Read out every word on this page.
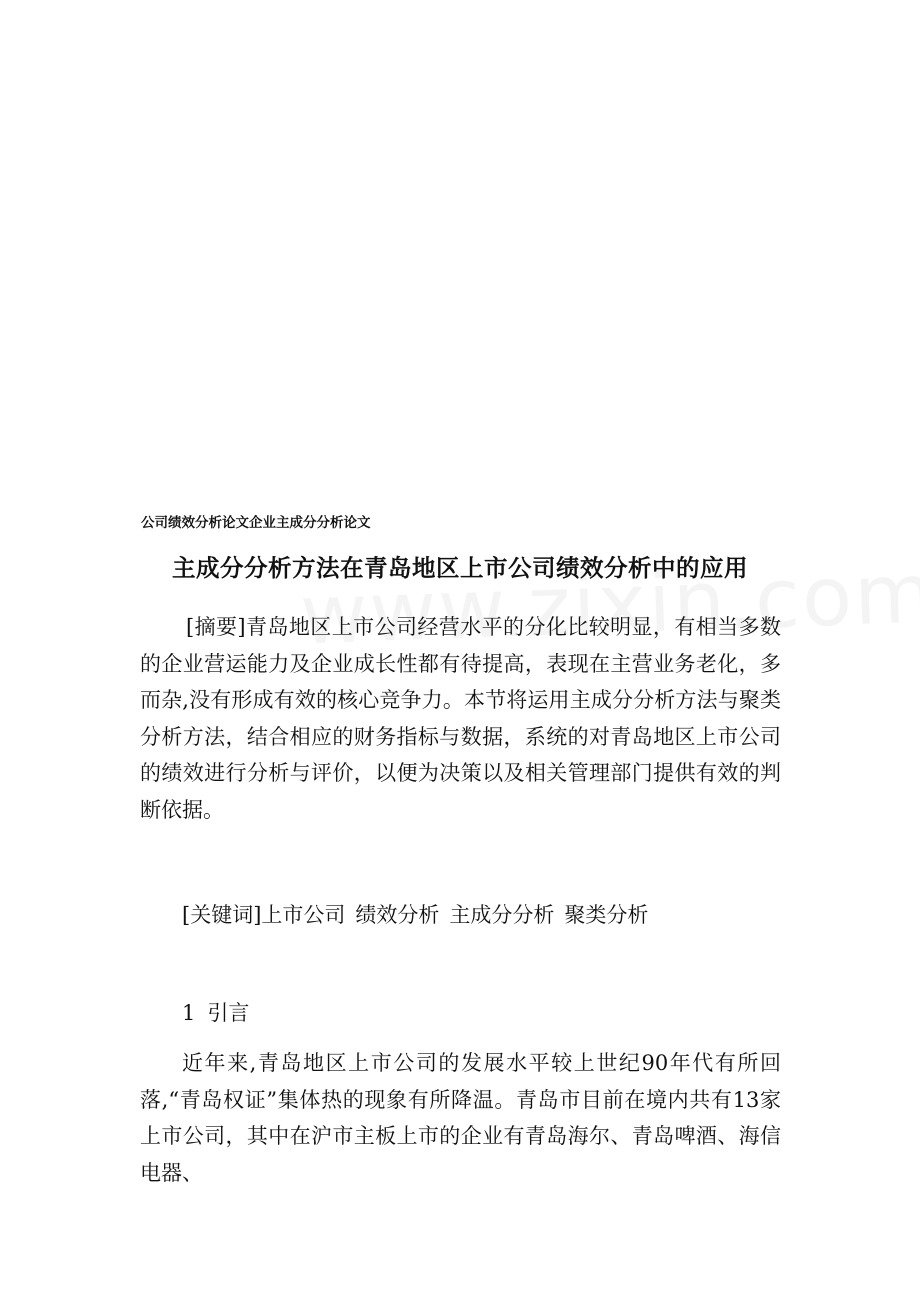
公司绩效分析论文企业主成分分析论文
主成分分析方法在青岛地区上市公司绩效分析中的应用

[摘要]青岛地区上市公司经营水平的分化比较明显，有相当多数的企业营运能力及企业成长性都有待提高，表现在主营业务老化，多而杂,没有形成有效的核心竞争力。本节将运用主成分分析方法与聚类分析方法，结合相应的财务指标与数据，系统的对青岛地区上市公司的绩效进行分析与评价，以便为决策以及相关管理部门提供有效的判断依据。

[关键词]上市公司 绩效分析 主成分分析 聚类分析

1 引言

近年来,青岛地区上市公司的发展水平较上世纪90年代有所回落,“青岛权证”集体热的现象有所降温。青岛市目前在境内共有13家上市公司，其中在沪市主板上市的企业有青岛海尔、青岛啤酒、海信电器、
